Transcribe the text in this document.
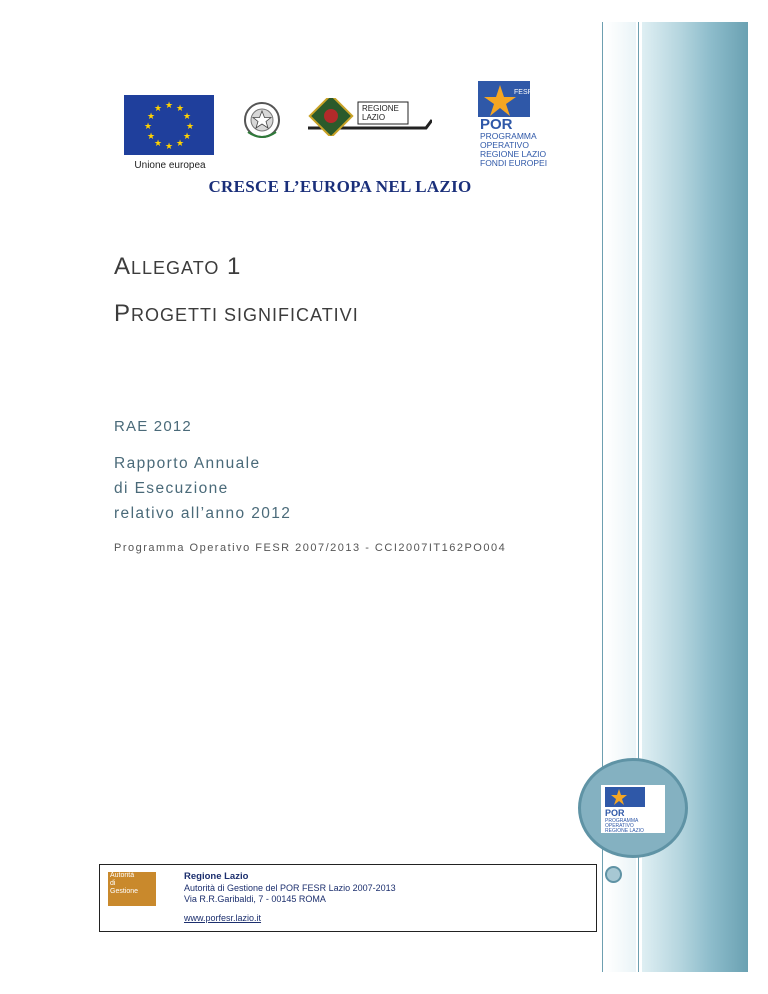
★ ★
★
★
★
★
★
★
★
★
★
★
Unione europea
REGIONE
LAZIO
FESR
POR
PROGRAMMA
OPERATIVO
REGIONE LAZIO
FONDI EUROPEI
CRESCE L’EUROPA NEL LAZIO
ALLEGATO 1
PROGETTI SIGNIFICATIVI
RAE 2012
Rapporto Annuale
di Esecuzione
relativo all’anno 2012
Programma Operativo FESR 2007/2013 - CCI2007IT162PO004
POR
PROGRAMMA
OPERATIVO
REGIONE LAZIO
Autorità
di
Gestione
Regione Lazio
Autorità di Gestione del POR FESR Lazio 2007-2013
Via R.R.Garibaldi, 7 - 00145 ROMA
www.porfesr.lazio.it
